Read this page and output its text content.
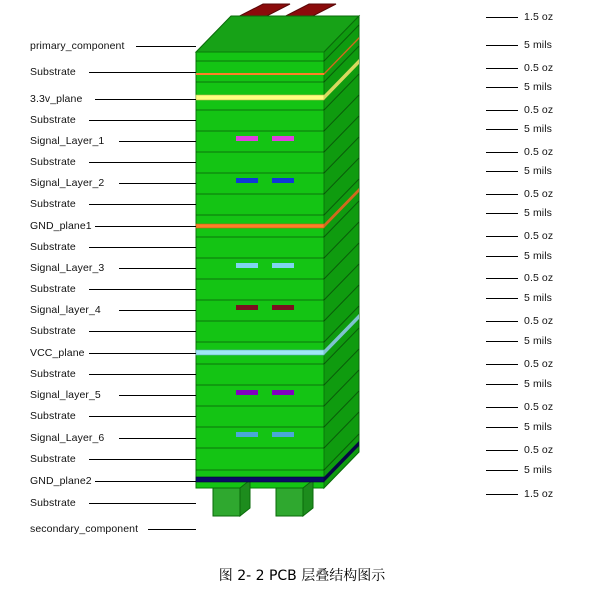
primary_component
Substrate
3.3v_plane
Substrate
Signal_Layer_1
Substrate
Signal_Layer_2
Substrate
GND_plane1
Substrate
Signal_Layer_3
Substrate
Signal_layer_4
Substrate
VCC_plane
Substrate
Signal_layer_5
Substrate
Signal_Layer_6
Substrate
GND_plane2
Substrate
secondary_component
1.5 oz
5 mils
0.5 oz
5 mils
0.5 oz
5 mils
0.5 oz
5 mils
0.5 oz
5 mils
0.5 oz
5 mils
0.5 oz
5 mils
0.5 oz
5 mils
0.5 oz
5 mils
0.5 oz
5 mils
0.5 oz
5 mils
1.5 oz
图 2- 2 PCB 层叠结构图示
